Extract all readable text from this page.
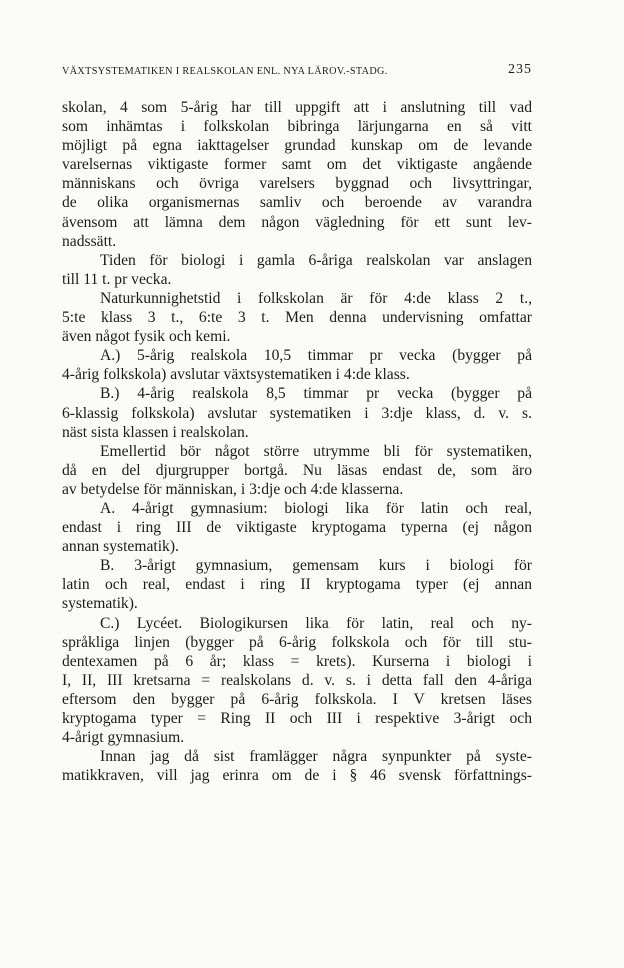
VÄXTSYSTEMATIKEN I REALSKOLAN ENL. NYA LÄROV.-STADG.	235
skolan, 4 som 5-årig har till uppgift att i anslutning till vad
som inhämtas i folkskolan bibringa lärjungarna en så vitt
möjligt på egna iakttagelser grundad kunskap om de levande
varelsernas viktigaste former samt om det viktigaste angående
människans och övriga varelsers byggnad och livsyttringar,
de olika organismernas samliv och beroende av varandra
ävensom att lämna dem någon vägledning för ett sunt lev-
nadssätt.
Tiden för biologi i gamla 6-åriga realskolan var anslagen
till 11 t. pr vecka.
Naturkunnighetstid i folkskolan är för 4:de klass 2 t.,
5:te klass 3 t., 6:te 3 t. Men denna undervisning omfattar
även något fysik och kemi.
A.) 5-årig realskola 10,5 timmar pr vecka (bygger på
4-årig folkskola) avslutar växtsystematiken i 4:de klass.
B.) 4-årig realskola 8,5 timmar pr vecka (bygger på
6-klassig folkskola) avslutar systematiken i 3:dje klass, d. v. s.
näst sista klassen i realskolan.
Emellertid bör något större utrymme bli för systematiken,
då en del djurgrupper bortgå. Nu läsas endast de, som äro
av betydelse för människan, i 3:dje och 4:de klasserna.
A. 4-årigt gymnasium: biologi lika för latin och real,
endast i ring III de viktigaste kryptogama typerna (ej någon
annan systematik).
B. 3-årigt gymnasium, gemensam kurs i biologi för
latin och real, endast i ring II kryptogama typer (ej annan
systematik).
C.) Lycéet. Biologikursen lika för latin, real och ny-
språkliga linjen (bygger på 6-årig folkskola och för till stu-
dentexamen på 6 år; klass = krets). Kurserna i biologi i
I, II, III kretsarna = realskolans d. v. s. i detta fall den 4-åriga
eftersom den bygger på 6-årig folkskola. I V kretsen läses
kryptogama typer = Ring II och III i respektive 3-årigt och
4-årigt gymnasium.
Innan jag då sist framlägger några synpunkter på syste-
matikkraven, vill jag erinra om de i § 46 svensk författnings-
